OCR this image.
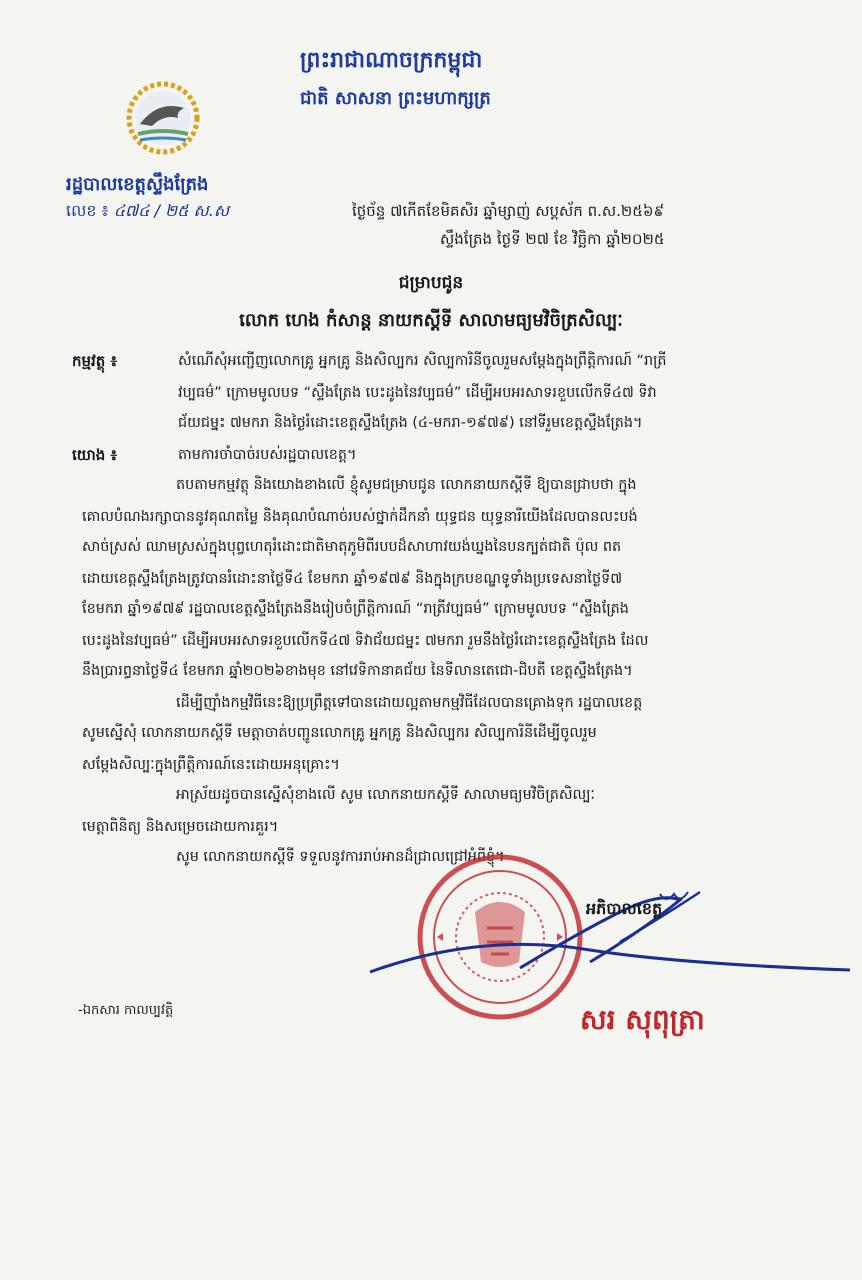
ព្រះរាជាណាចក្រកម្ពុជា
ជាតិ សាសនា ព្រះមហាក្សត្រ
រដ្ឋបាលខេត្តស្ទឹងត្រែង
លេខ ៖ ៤៧៤ / ២៥ ស.ស	ថ្ងៃច័ន្ទ ៧កើតខែមិគសិរ ឆ្នាំម្សាញ់ សប្តស័ក ព.ស.២៥៦៩
ស្ទឹងត្រែង ថ្ងៃទី ២៧ ខែ វិច្ឆិកា ឆ្នាំ២០២៥
ជម្រាបជូន
លោក ហេង កំសាន្ត នាយកស្តីទី សាលាមធ្យមវិចិត្រសិល្បៈ
កម្មវត្ថុ ៖	សំណើសុំអញ្ជើញលោកគ្រូ អ្នកគ្រូ និងសិល្បករ សិល្បការិនីចូលរួមសម្តែងក្នុងព្រឹត្តិការណ៍ “រាត្រី
វប្បធម៌” ក្រោមមូលបទ “ស្ទឹងត្រែង បេះដូងនៃវប្បធម៌” ដើម្បីអបអរសាទរខួបលើកទី៤៧ ទិវា
ជ័យជម្នះ ៧មករា និងថ្ងៃរំដោះខេត្តស្ទឹងត្រែង (៤-មករា-១៩៧៩) នៅទីរួមខេត្តស្ទឹងត្រែង។
យោង ៖	តាមការចាំបាច់របស់រដ្ឋបាលខេត្ត។
តបតាមកម្មវត្ថុ និងយោងខាងលើ ខ្ញុំសូមជម្រាបជូន លោកនាយកស្តីទី ឱ្យបានជ្រាបថា ក្នុង
គោលបំណងរក្សាបាននូវគុណតម្លៃ និងគុណបំណាច់របស់ថ្នាក់ដឹកនាំ យុទ្ធជន យុទ្ធនារីយើងដែលបានលះបង់
សាច់ស្រស់ ឈាមស្រស់ក្នុងបុព្វហេតុរំដោះជាតិមាតុភូមិពីរបបដ៏សាហាវយង់ឃ្នងនៃបនក្បត់ជាតិ ប៉ុល ពត
ដោយខេត្តស្ទឹងត្រែងត្រូវបានរំដោះនាថ្ងៃទី៤ ខែមករា ឆ្នាំ១៩៧៩ និងក្នុងក្របខណ្ឌទូទាំងប្រទេសនាថ្ងៃទី៧
ខែមករា ឆ្នាំ១៩៧៩ រដ្ឋបាលខេត្តស្ទឹងត្រែងនឹងរៀបចំព្រឹត្តិការណ៍ “រាត្រីវប្បធម៌” ក្រោមមូលបទ “ស្ទឹងត្រែង
បេះដូងនៃវប្បធម៌” ដើម្បីអបអរសាទរខួបលើកទី៤៧ ទិវាជ័យជម្នះ ៧មករា រួមនឹងថ្ងៃរំដោះខេត្តស្ទឹងត្រែង ដែល
នឹងប្រារព្ធនាថ្ងៃទី៤ ខែមករា ឆ្នាំ២០២៦ខាងមុខ នៅវេទិកានាគជ័យ នៃទីលានតេជោ-ជិបតី ខេត្តស្ទឹងត្រែង។
ដើម្បីញ៉ាំងកម្មវិធីនេះឱ្យប្រព្រឹត្តទៅបានដោយល្អតាមកម្មវិធីដែលបានគ្រោងទុក រដ្ឋបាលខេត្ត
សូមស្នើសុំ លោកនាយកស្តីទី មេត្តាចាត់បញ្ជូនលោកគ្រូ អ្នកគ្រូ និងសិល្បករ សិល្បការិនីដើម្បីចូលរួម
សម្តែងសិល្បៈក្នុងព្រឹត្តិការណ៍នេះដោយអនុគ្រោះ។
អាស្រ័យដូចបានស្នើសុំខាងលើ សូម លោកនាយកស្តីទី សាលាមធ្យមវិចិត្រសិល្បៈ
មេត្តាពិនិត្យ និងសម្រេចដោយការគួរ។
សូម លោកនាយកស្តីទី ទទួលនូវការរាប់អានដ៏ជ្រាលជ្រៅអំពីខ្ញុំ។
អភិបាលខេត្ត
សរ សុពុត្រា
-ឯកសារ កាលប្បវត្តិ
